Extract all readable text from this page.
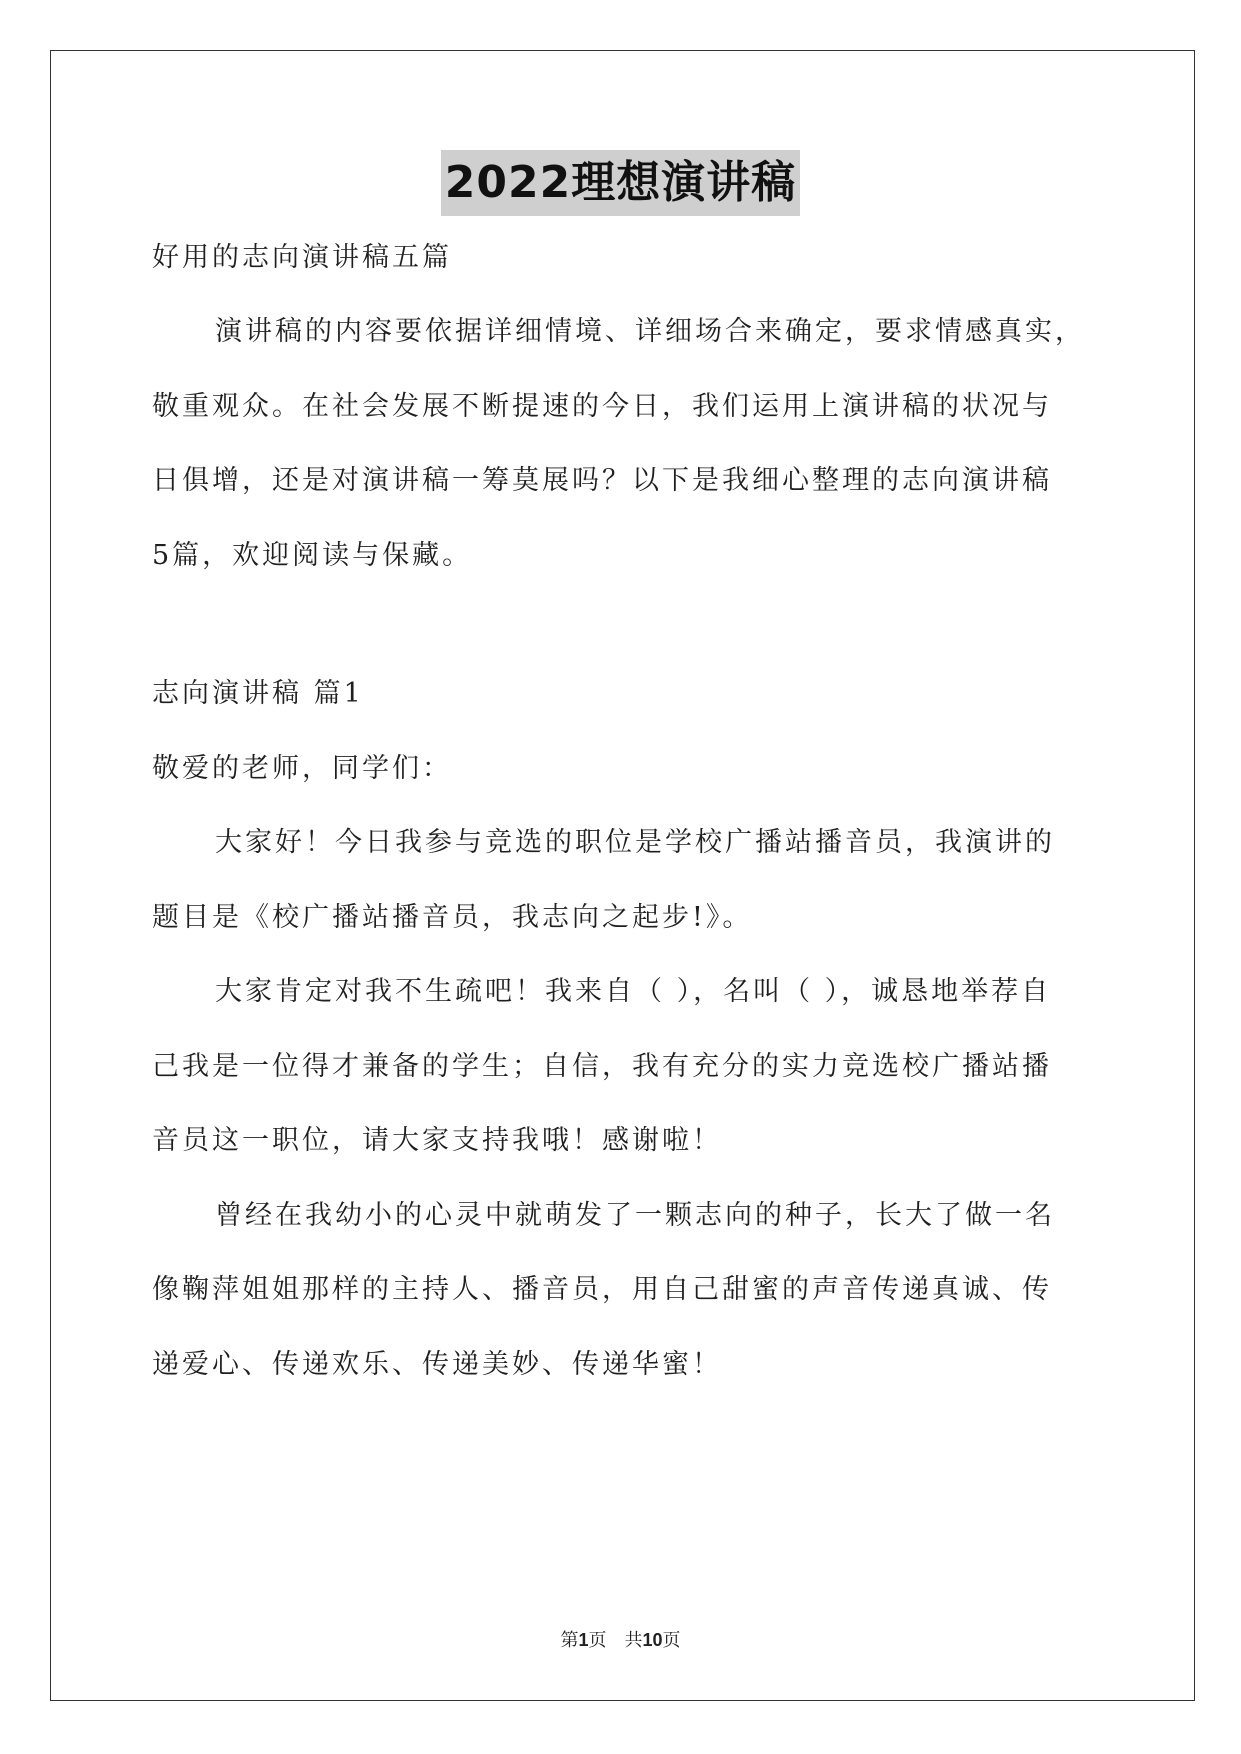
2022理想演讲稿
好用的志向演讲稿五篇
演讲稿的内容要依据详细情境、详细场合来确定，要求情感真实，
敬重观众。在社会发展不断提速的今日，我们运用上演讲稿的状况与
日俱增，还是对演讲稿一筹莫展吗？以下是我细心整理的志向演讲稿
5篇，欢迎阅读与保藏。
志向演讲稿 篇1
敬爱的老师，同学们：
大家好！今日我参与竞选的职位是学校广播站播音员，我演讲的
题目是《校广播站播音员，我志向之起步!》。
大家肯定对我不生疏吧！我来自（ ），名叫（ ），诚恳地举荐自
己我是一位得才兼备的学生；自信，我有充分的实力竞选校广播站播
音员这一职位，请大家支持我哦！感谢啦！
曾经在我幼小的心灵中就萌发了一颗志向的种子，长大了做一名
像鞠萍姐姐那样的主持人、播音员，用自己甜蜜的声音传递真诚、传
递爱心、传递欢乐、传递美妙、传递华蜜！
第1页 共10页
